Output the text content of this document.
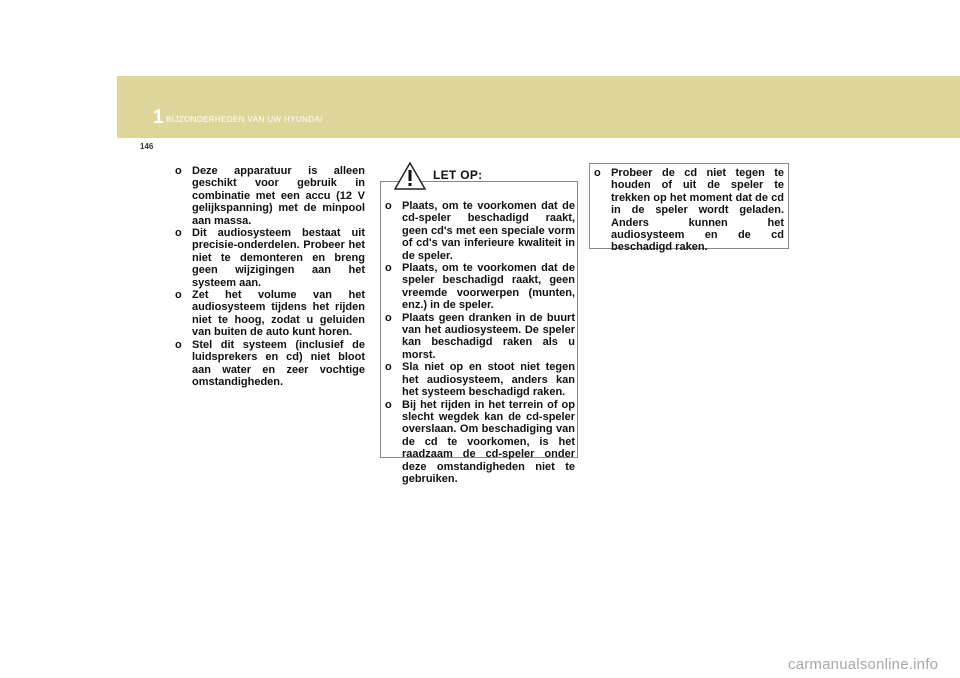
1 BIJZONDERHEDEN VAN UW HYUNDAI
146
o Deze apparatuur is alleen geschikt voor gebruik in combinatie met een accu (12 V gelijkspanning) met de minpool aan massa.
o Dit audiosysteem bestaat uit precisie-onderdelen. Probeer het niet te demonteren en breng geen wijzigingen aan het systeem aan.
o Zet het volume van het audiosysteem tijdens het rijden niet te hoog, zodat u geluiden van buiten de auto kunt horen.
o Stel dit systeem (inclusief de luidsprekers en cd) niet bloot aan water en zeer vochtige omstandigheden.
LET OP:
o Plaats, om te voorkomen dat de cd-speler beschadigd raakt, geen cd's met een speciale vorm of cd's van inferieure kwaliteit in de speler.
o Plaats, om te voorkomen dat de speler beschadigd raakt, geen vreemde voorwerpen (munten, enz.) in de speler.
o Plaats geen dranken in de buurt van het audiosysteem. De speler kan beschadigd raken als u morst.
o Sla niet op en stoot niet tegen het audiosysteem, anders kan het systeem beschadigd raken.
o Bij het rijden in het terrein of op slecht wegdek kan de cd-speler overslaan. Om beschadiging van de cd te voorkomen, is het raadzaam de cd-speler onder deze omstandigheden niet te gebruiken.
o Probeer de cd niet tegen te houden of uit de speler te trekken op het moment dat de cd in de speler wordt geladen. Anders kunnen het audiosysteem en de cd beschadigd raken.
carmanualsonline.info
